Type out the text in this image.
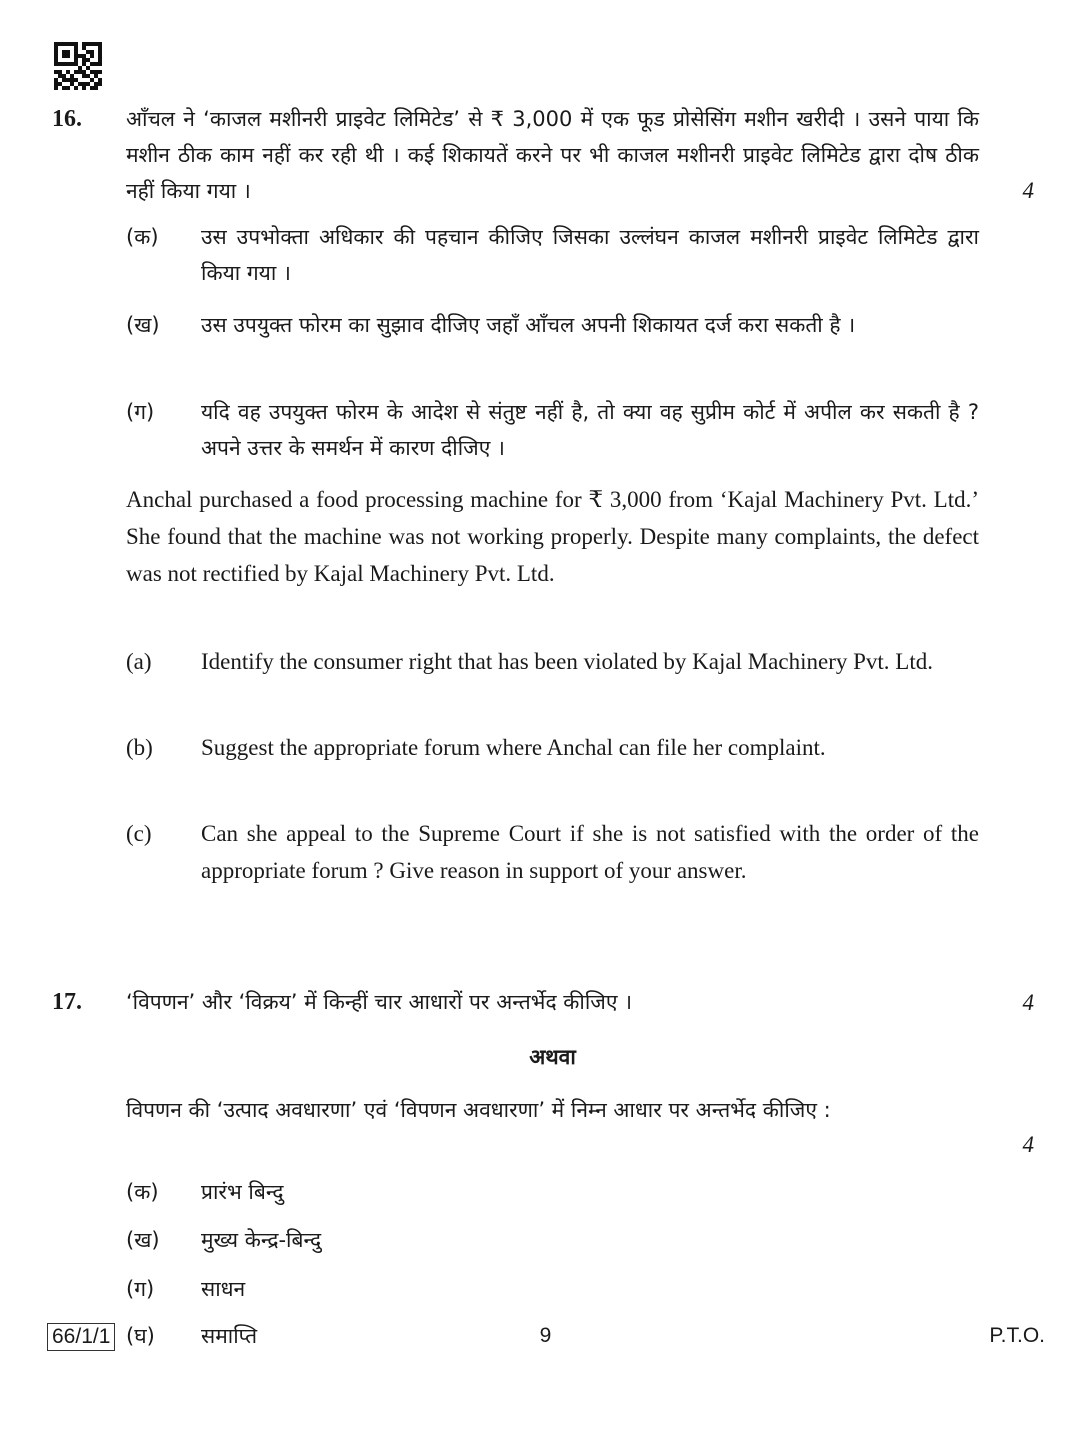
16. आँचल ने ‘काजल मशीनरी प्राइवेट लिमिटेड’ से ₹ 3,000 में एक फूड प्रोसेसिंग मशीन खरीदी । उसने पाया कि मशीन ठीक काम नहीं कर रही थी । कई शिकायतें करने पर भी काजल मशीनरी प्राइवेट लिमिटेड द्वारा दोष ठीक नहीं किया गया ।	4
(क) उस उपभोक्ता अधिकार की पहचान कीजिए जिसका उल्लंघन काजल मशीनरी प्राइवेट लिमिटेड द्वारा किया गया ।
(ख) उस उपयुक्त फोरम का सुझाव दीजिए जहाँ आँचल अपनी शिकायत दर्ज करा सकती है ।
(ग) यदि वह उपयुक्त फोरम के आदेश से संतुष्ट नहीं है, तो क्या वह सुप्रीम कोर्ट में अपील कर सकती है ? अपने उत्तर के समर्थन में कारण दीजिए ।

Anchal purchased a food processing machine for ₹ 3,000 from ‘Kajal Machinery Pvt. Ltd.’ She found that the machine was not working properly. Despite many complaints, the defect was not rectified by Kajal Machinery Pvt. Ltd.

(a) Identify the consumer right that has been violated by Kajal Machinery Pvt. Ltd.
(b) Suggest the appropriate forum where Anchal can file her complaint.
(c) Can she appeal to the Supreme Court if she is not satisfied with the order of the appropriate forum ? Give reason in support of your answer.
17. ‘विपणन’ और ‘विक्रय’ में किन्हीं चार आधारों पर अन्तर्भेद कीजिए ।	4
अथवा

विपणन की ‘उत्पाद अवधारणा’ एवं ‘विपणन अवधारणा’ में निम्न आधार पर अन्तर्भेद कीजिए :

4
(क) प्रारंभ बिन्दु
(ख) मुख्य केन्द्र-बिन्दु
(ग) साधन
(घ) समाप्ति
66/1/1	9	P.T.O.
